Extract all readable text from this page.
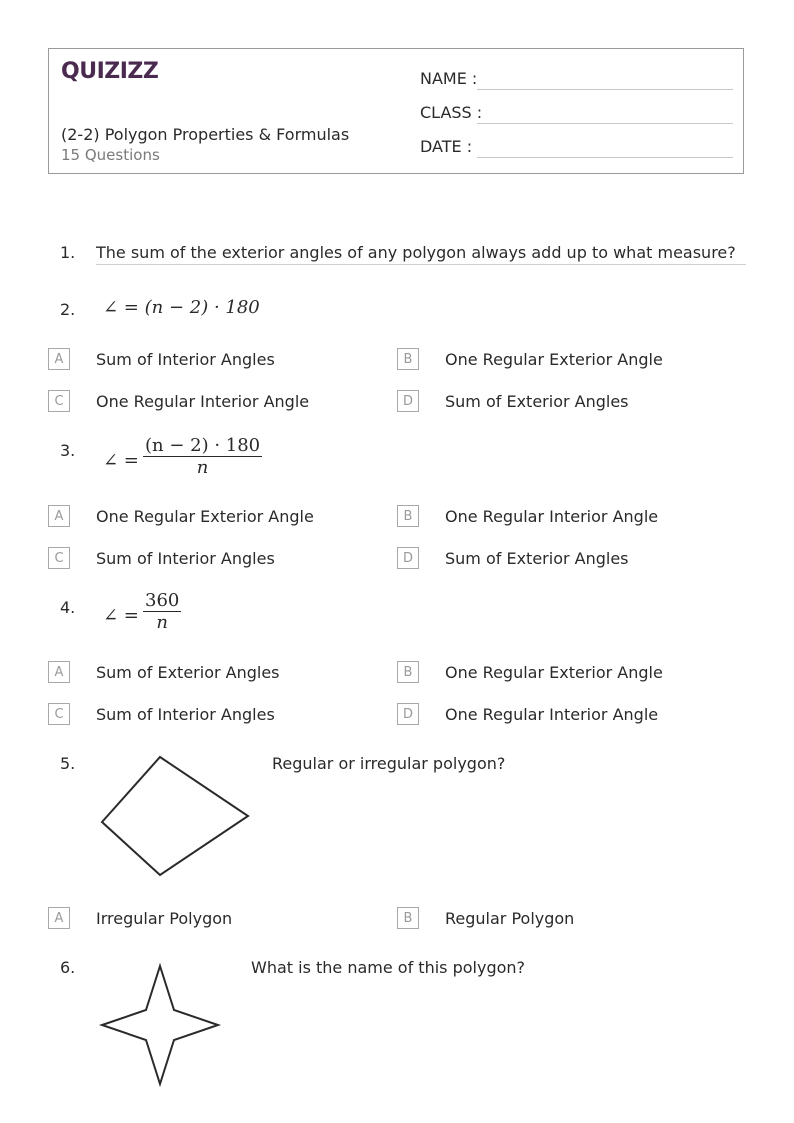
QUIZIZZ
(2-2) Polygon Properties & Formulas
15 Questions
NAME :
CLASS :
DATE :
1. The sum of the exterior angles of any polygon always add up to what measure?
2. ∠ = (n − 2) · 180
A	Sum of Interior Angles	B	One Regular Exterior Angle
C	One Regular Interior Angle	D	Sum of Exterior Angles
3. ∠ = $\frac{(n - 2) \cdot 180}{n}$
A	One Regular Exterior Angle	B	One Regular Interior Angle
C	Sum of Interior Angles	D	Sum of Exterior Angles
4. ∠ = $\frac{360}{n}$
A	Sum of Exterior Angles	B	One Regular Exterior Angle
C	Sum of Interior Angles	D	One Regular Interior Angle
5.	Regular or irregular polygon?
A	Irregular Polygon	B	Regular Polygon
6.	What is the name of this polygon?
